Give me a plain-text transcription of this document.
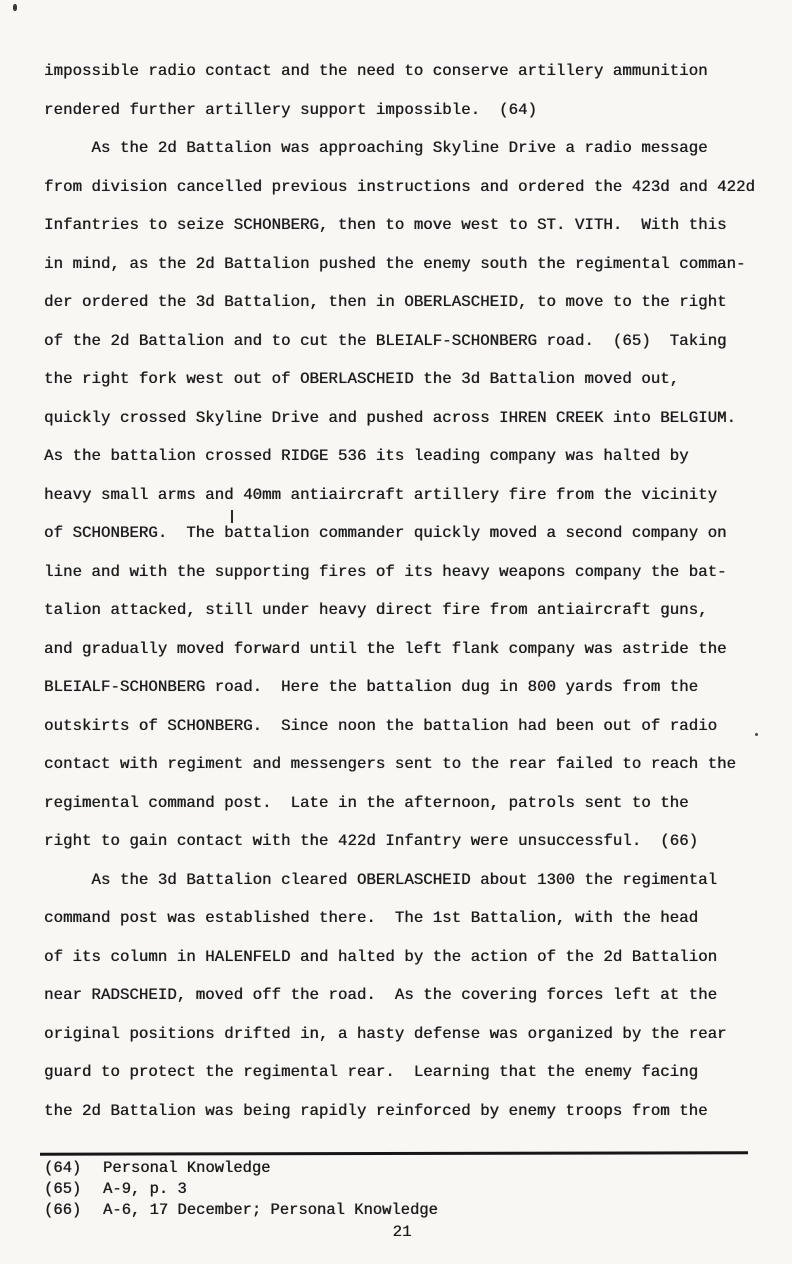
impossible radio contact and the need to conserve artillery ammunition
rendered further artillery support impossible.  (64)
As the 2d Battalion was approaching Skyline Drive a radio message
from division cancelled previous instructions and ordered the 423d and 422d
Infantries to seize SCHONBERG, then to move west to ST. VITH.  With this
in mind, as the 2d Battalion pushed the enemy south the regimental comman-
der ordered the 3d Battalion, then in OBERLASCHEID, to move to the right
of the 2d Battalion and to cut the BLEIALF-SCHONBERG road.  (65)  Taking
the right fork west out of OBERLASCHEID the 3d Battalion moved out,
quickly crossed Skyline Drive and pushed across IHREN CREEK into BELGIUM.
As the battalion crossed RIDGE 536 its leading company was halted by
heavy small arms and 40mm antiaircraft artillery fire from the vicinity
of SCHONBERG.  The battalion commander quickly moved a second company on
line and with the supporting fires of its heavy weapons company the bat-
talion attacked, still under heavy direct fire from antiaircraft guns,
and gradually moved forward until the left flank company was astride the
BLEIALF-SCHONBERG road.  Here the battalion dug in 800 yards from the
outskirts of SCHONBERG.  Since noon the battalion had been out of radio
contact with regiment and messengers sent to the rear failed to reach the
regimental command post.  Late in the afternoon, patrols sent to the
right to gain contact with the 422d Infantry were unsuccessful.  (66)
As the 3d Battalion cleared OBERLASCHEID about 1300 the regimental
command post was established there.  The 1st Battalion, with the head
of its column in HALENFELD and halted by the action of the 2d Battalion
near RADSCHEID, moved off the road.  As the covering forces left at the
original positions drifted in, a hasty defense was organized by the rear
guard to protect the regimental rear.  Learning that the enemy facing
the 2d Battalion was being rapidly reinforced by enemy troops from the
(64) Personal Knowledge
(65) A-9, p. 3
(66) A-6, 17 December; Personal Knowledge
21
